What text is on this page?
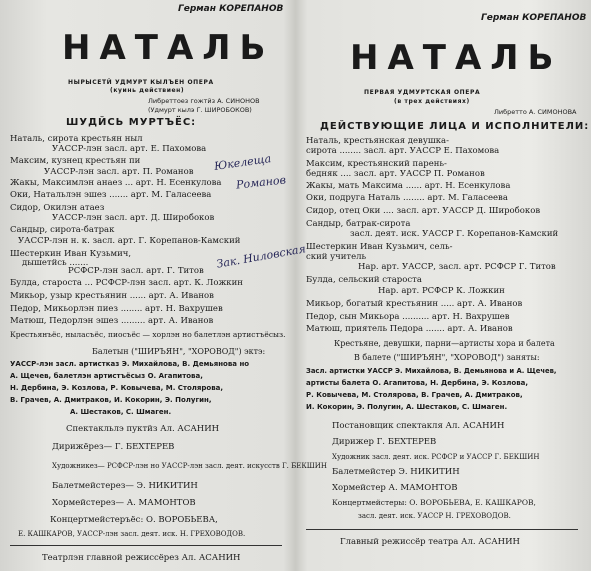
Герман КОРЕПАНОВ
НАТАЛЬ
НЫРЫСЕТЙ УДМУРТ КЫЛЪЕН ОПЕРА
(куинь действиен)
Либреттоез гожтйз А. СИНОНОВ
(Удмурт кылэ Г. ШИРОБОКОВ)
ШУДЙСЬ МУРТЪЁС:
Наталь, сирота крестьян ныл
УАССР-лэн засл. арт. Е. Пахомова
Максим, кузнец крестьян пи
УАССР-лэн засл. арт. П. Романов
Жакы, Максимлэн анаез ... арт. Н. Есенкулова
Оки, Натальлэн эшез ....... арт. М. Галасеева
Сидор, Окилэн атаез
УАССР-лэн засл. арт. Д. Широбоков
Сандыр, сирота-батрак
УАССР-лэн н. к. засл. арт. Г. Корепанов-Камский
Шестеркин Иван Кузьмич,
дышетйсь .......
РСФСР-лэн засл. арт. Г. Титов
Булда, староста ... РСФСР-лэн засл. арт. К. Ложкин
Микьор, узыр крестьянин ...... арт. А. Иванов
Педор, Микьорлэн пиез ........ арт. Н. Вахрушев
Матюш, Педорлэн эшез ......... арт. А. Иванов
Крестьянъёс, ныласъёс, пиосъёс — хорлэн но балетлэн артистъёсыз.
Балетын ("ШИРЪЯН", "ХОРОВОД") эктэ:
УАССР-лэн засл. артистказ Э. Михайлова, В. Демьянова но
А. Щечев, балетлэн артистъёсыз О. Агапитова,
Н. Дербина, Э. Козлова, Р. Ковычева, М. Столярова,
В. Грачев, А. Дмитраков, И. Кокорин, Э. Полугин,
А. Шестаков, С. Шмаген.
Спектакльлэ пуктйз Ал. АСАНИН
Дирижёрез— Г. БЕХТЕРЕВ
Художникез— РСФСР-лэн но УАССР-лэн засл. деят. искусств Г. БЕКШИН
Балетмейстерез— Э. НИКИТИН
Хормейстерез— А. МАМОНТОВ
Концертмейстеръёс: О. ВОРОБЬЕВА,
Е. КАШКАРОВ, УАССР-лэн засл. деят. иск. Н. ГРЕХОВОДОВ.
Театрлэн главной режиссёрез Ал. АСАНИН
Юкелеща
Романов
Зак. Ниловская
Герман КОРЕПАНОВ
НАТАЛЬ
ПЕРВАЯ УДМУРТСКАЯ ОПЕРА
(в трех действиях)
Либретто А. СИМОНОВА
ДЕЙСТВУЮЩИЕ ЛИЦА И ИСПОЛНИТЕЛИ:
Наталь, крестьянская девушка-
сирота ........ засл. арт. УАССР Е. Пахомова
Максим, крестьянский парень-
бедняк .... засл. арт. УАССР П. Романов
Жакы, мать Максима ...... арт. Н. Есенкулова
Оки, подруга Наталь ........ арт. М. Галасеева
Сидор, отец Оки .... засл. арт. УАССР Д. Широбоков
Сандыр, батрак-сирота
засл. деят. иск. УАССР Г. Корепанов-Камский
Шестеркин Иван Кузьмич, сель-
ский учитель
Нар. арт. УАССР, засл. арт. РСФСР Г. Титов
Булда, сельский староста
Нар. арт. РСФСР К. Ложкин
Микьор, богатый крестьянин ..... арт. А. Иванов
Педор, сын Микьора .......... арт. Н. Вахрушев
Матюш, приятель Педора ....... арт. А. Иванов
Крестьяне, девушки, парни—артисты хора и балета
В балете ("ШИРЪЯН", "ХОРОВОД") заняты:
Засл. артистки УАССР Э. Михайлова, В. Демьянова и А. Щечев,
артисты балета О. Агапитова, Н. Дербина, Э. Козлова,
Р. Ковычева, М. Столярова, В. Грачев, А. Дмитраков,
И. Кокорин, Э. Полугин, А. Шестаков, С. Шмаген.
Постановщик спектакля Ал. АСАНИН
Дирижер Г. БЕХТЕРЕВ
Художник засл. деят. иск. РСФСР и УАССР Г. БЕКШИН
Балетмейстер Э. НИКИТИН
Хормейстер А. МАМОНТОВ
Концертмейстеры: О. ВОРОБЬЕВА, Е. КАШКАРОВ,
засл. деят. иск. УАССР Н. ГРЕХОВОДОВ.
Главный режиссёр театра Ал. АСАНИН
